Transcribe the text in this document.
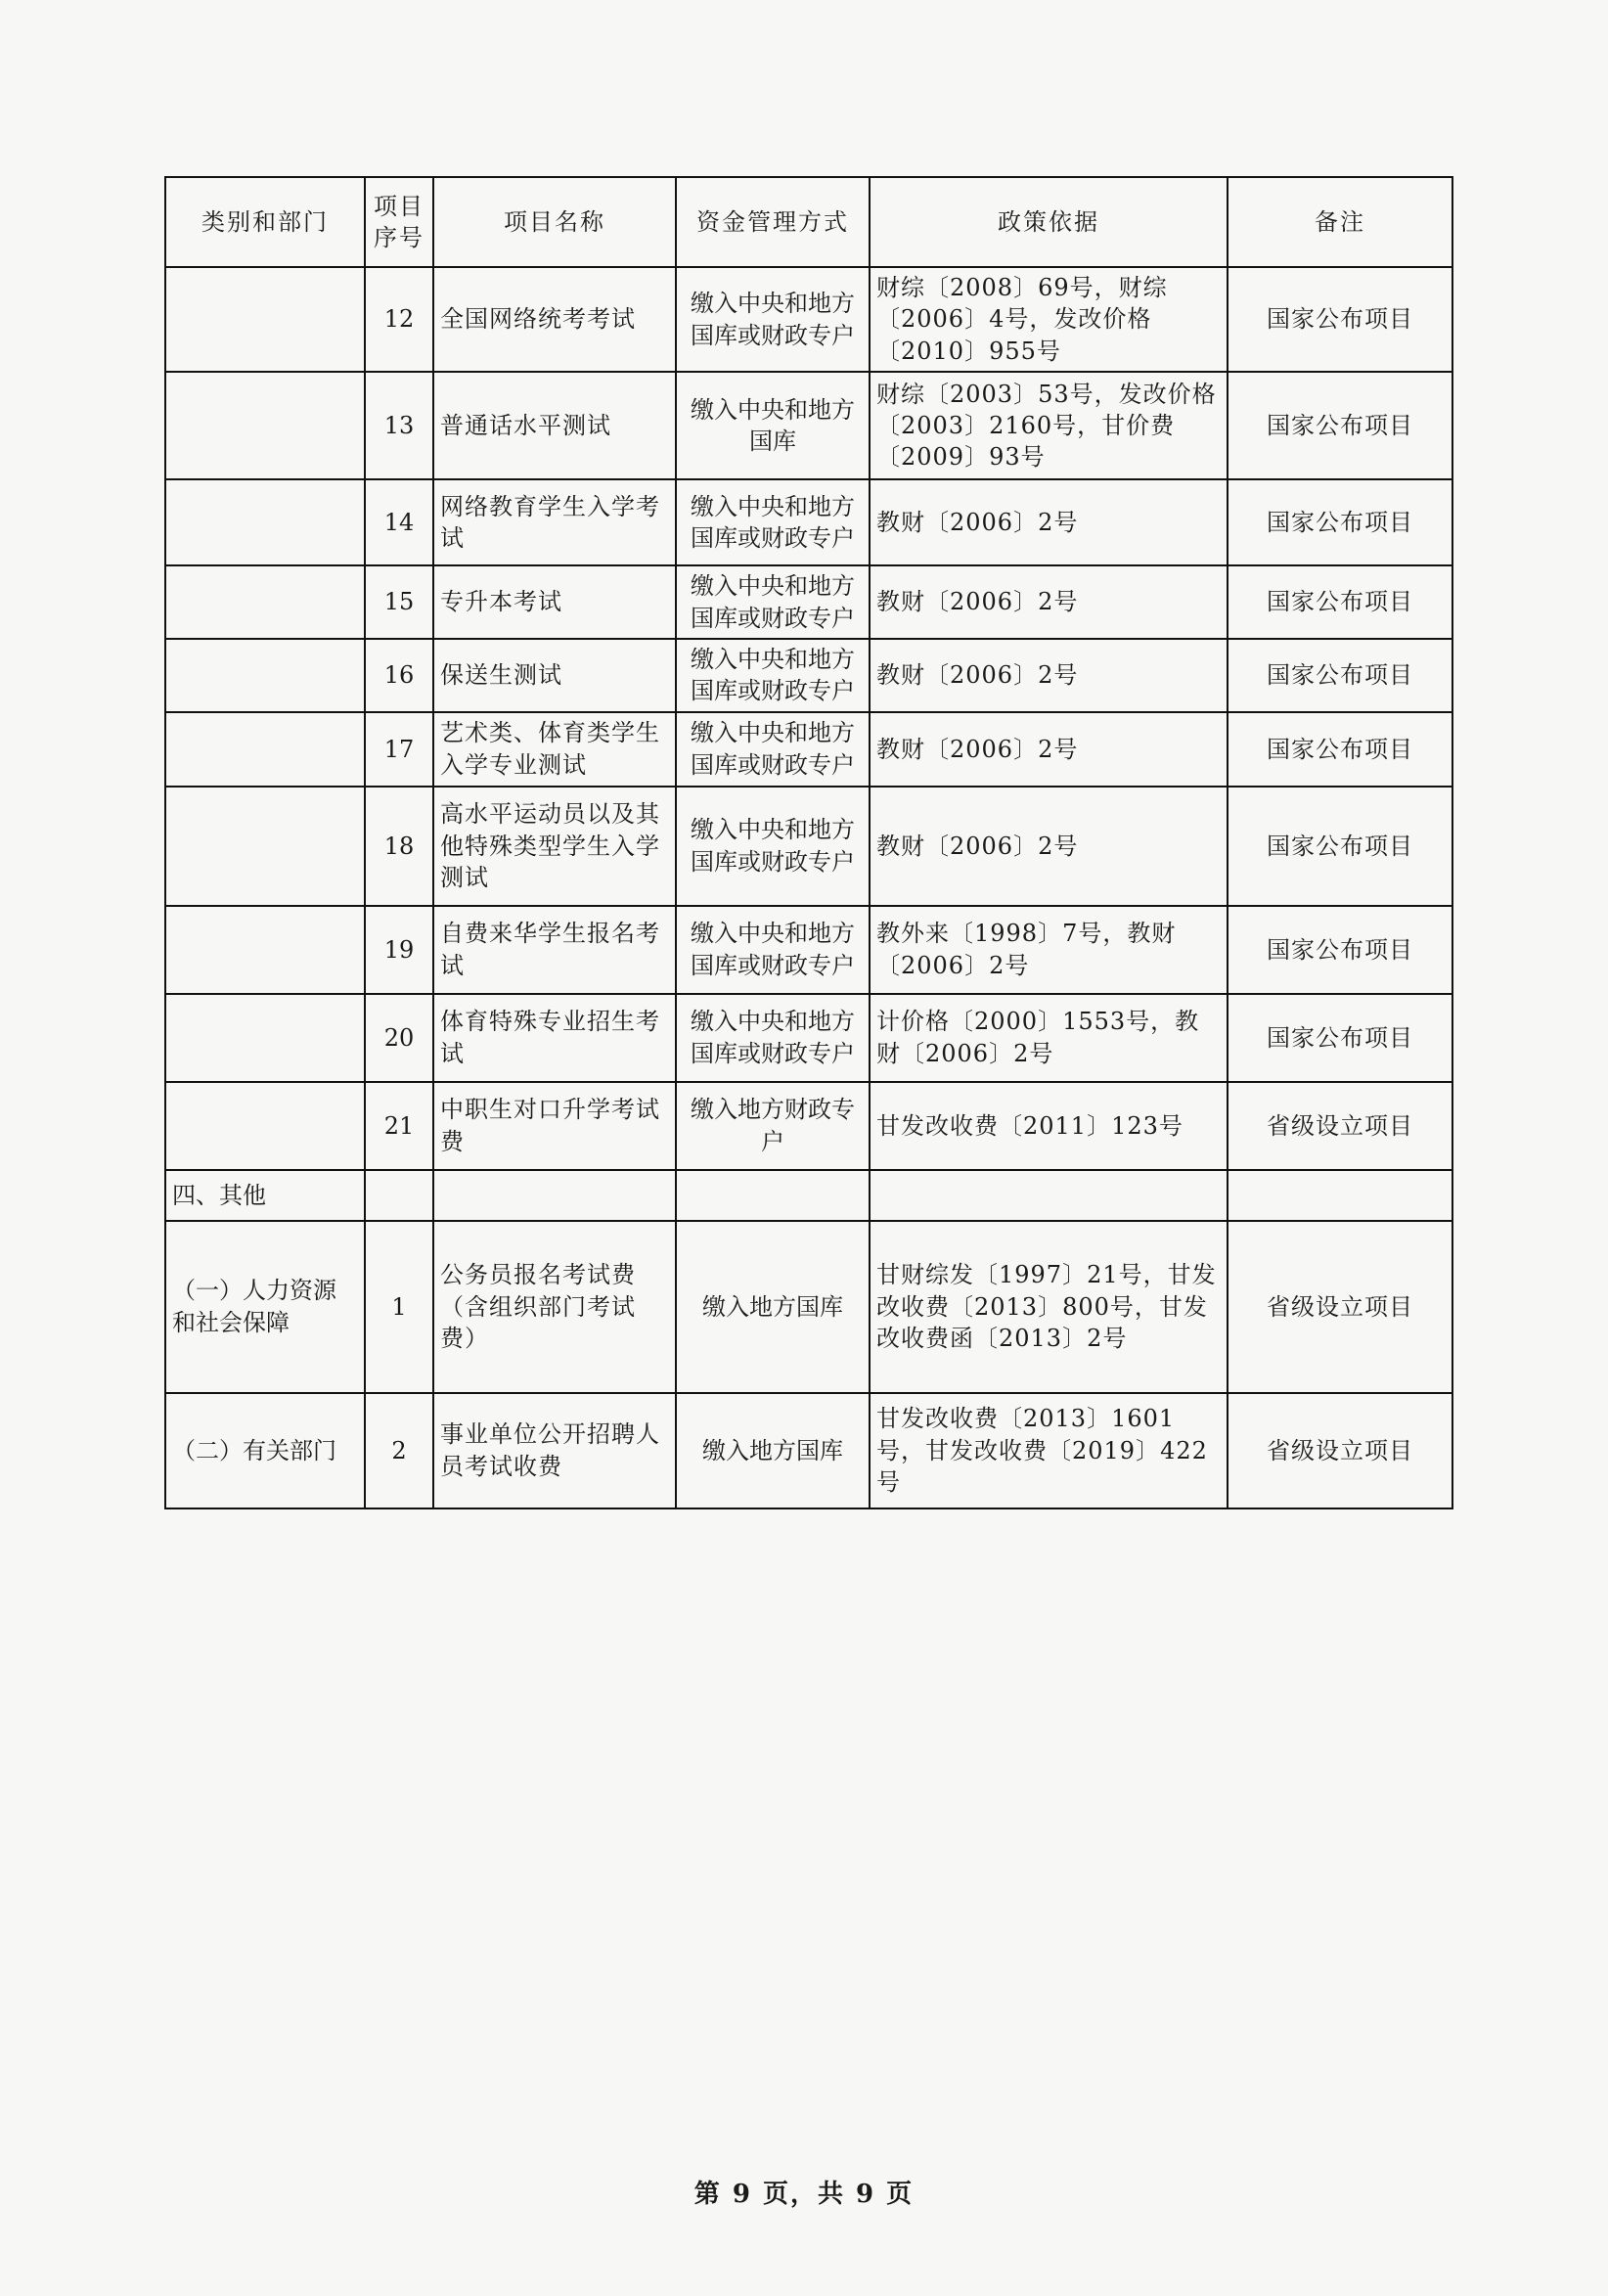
类别和部门	项目序号	项目名称	资金管理方式	政策依据	备注
	12	全国网络统考考试	缴入中央和地方国库或财政专户	财综〔2008〕69号，财综〔2006〕4号，发改价格〔2010〕955号	国家公布项目
	13	普通话水平测试	缴入中央和地方国库	财综〔2003〕53号，发改价格〔2003〕2160号，甘价费〔2009〕93号	国家公布项目
	14	网络教育学生入学考试	缴入中央和地方国库或财政专户	教财〔2006〕2号	国家公布项目
	15	专升本考试	缴入中央和地方国库或财政专户	教财〔2006〕2号	国家公布项目
	16	保送生测试	缴入中央和地方国库或财政专户	教财〔2006〕2号	国家公布项目
	17	艺术类、体育类学生入学专业测试	缴入中央和地方国库或财政专户	教财〔2006〕2号	国家公布项目
	18	高水平运动员以及其他特殊类型学生入学测试	缴入中央和地方国库或财政专户	教财〔2006〕2号	国家公布项目
	19	自费来华学生报名考试	缴入中央和地方国库或财政专户	教外来〔1998〕7号，教财〔2006〕2号	国家公布项目
	20	体育特殊专业招生考试	缴入中央和地方国库或财政专户	计价格〔2000〕1553号，教财〔2006〕2号	国家公布项目
	21	中职生对口升学考试费	缴入地方财政专户	甘发改收费〔2011〕123号	省级设立项目
四、其他					
（一）人力资源和社会保障	1	公务员报名考试费（含组织部门考试费）	缴入地方国库	甘财综发〔1997〕21号，甘发改收费〔2013〕800号，甘发改收费函〔2013〕2号	省级设立项目
（二）有关部门	2	事业单位公开招聘人员考试收费	缴入地方国库	甘发改收费〔2013〕1601号，甘发改收费〔2019〕422号	省级设立项目
第 9 页，共 9 页
